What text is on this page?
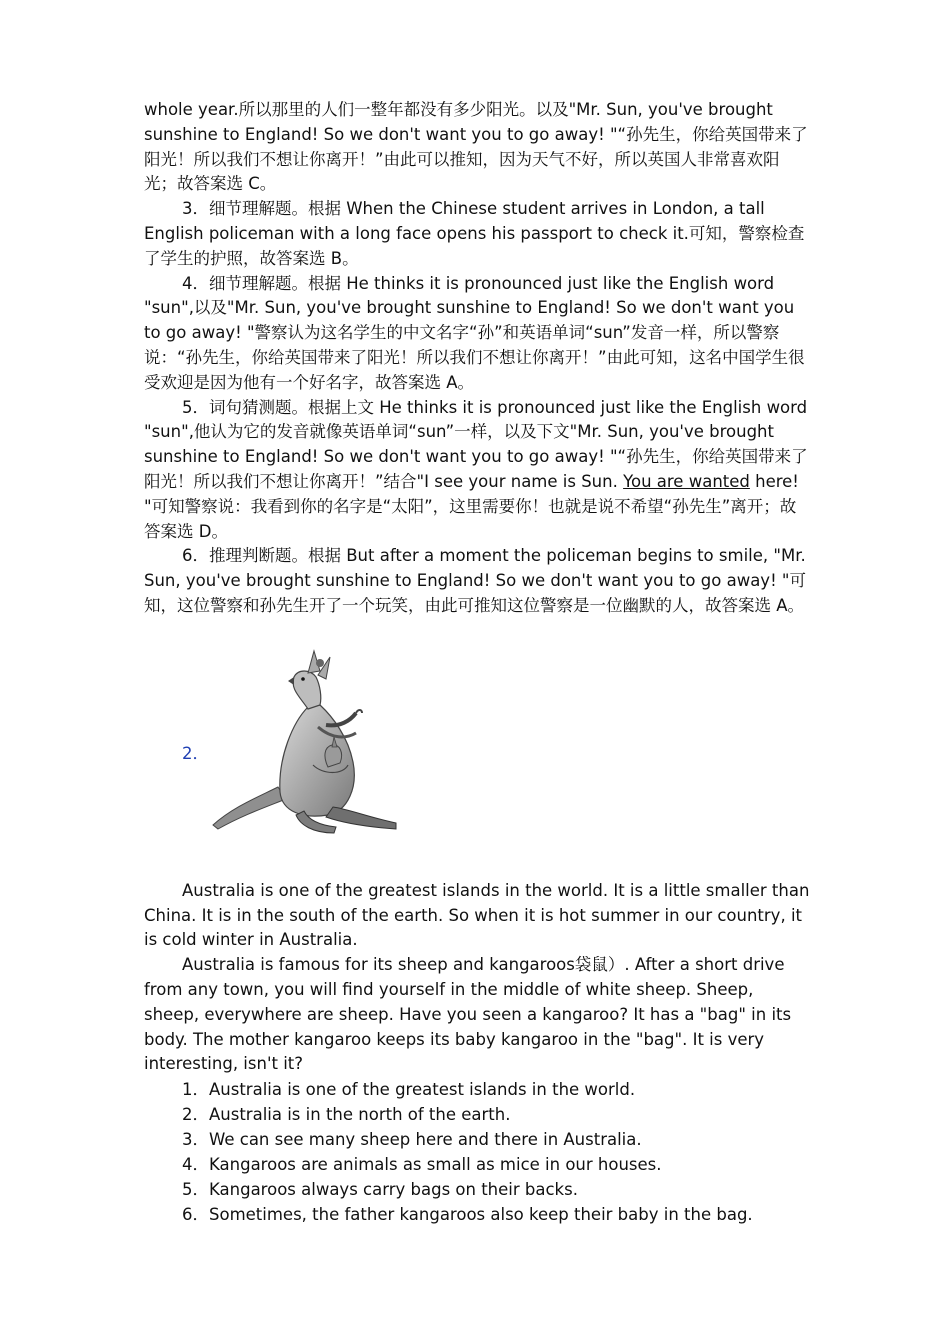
whole year.所以那里的人们一整年都没有多少阳光。以及"Mr. Sun, you've brought sunshine to England! So we don't want you to go away! "“孙先生，你给英国带来了阳光！所以我们不想让你离开！”由此可以推知，因为天气不好，所以英国人非常喜欢阳光；故答案选 C。

3．细节理解题。根据 When the Chinese student arrives in London, a tall English policeman with a long face opens his passport to check it.可知，警察检查了学生的护照，故答案选 B。

4．细节理解题。根据 He thinks it is pronounced just like the English word "sun",以及"Mr. Sun, you've brought sunshine to England! So we don't want you to go away! "警察认为这名学生的中文名字“孙”和英语单词“sun”发音一样，所以警察说：“孙先生，你给英国带来了阳光！所以我们不想让你离开！”由此可知，这名中国学生很受欢迎是因为他有一个好名字，故答案选 A。

5．词句猜测题。根据上文 He thinks it is pronounced just like the English word "sun",他认为它的发音就像英语单词“sun”一样，以及下文"Mr. Sun, you've brought sunshine to England! So we don't want you to go away! "“孙先生，你给英国带来了阳光！所以我们不想让你离开！”结合"I see your name is Sun. You are wanted here! "可知警察说：我看到你的名字是“太阳”，这里需要你！也就是说不希望“孙先生”离开；故答案选 D。

6．推理判断题。根据 But after a moment the policeman begins to smile, "Mr. Sun, you've brought sunshine to England! So we don't want you to go away! "可知，这位警察和孙先生开了一个玩笑，由此可推知这位警察是一位幽默的人，故答案选 A。

2．

Australia is one of the greatest islands in the world. It is a little smaller than China. It is in the south of the earth. So when it is hot summer in our country, it is cold winter in Australia.

Australia is famous for its sheep and kangaroos袋鼠）. After a short drive from any town, you will find yourself in the middle of white sheep. Sheep, sheep, everywhere are sheep. Have you seen a kangaroo? It has a "bag" in its body. The mother kangaroo keeps its baby kangaroo in the "bag". It is very interesting, isn't it?

1．Australia is one of the greatest islands in the world.

2．Australia is in the north of the earth.

3．We can see many sheep here and there in Australia.

4．Kangaroos are animals as small as mice in our houses.

5．Kangaroos always carry bags on their backs.

6．Sometimes, the father kangaroos also keep their baby in the bag.
